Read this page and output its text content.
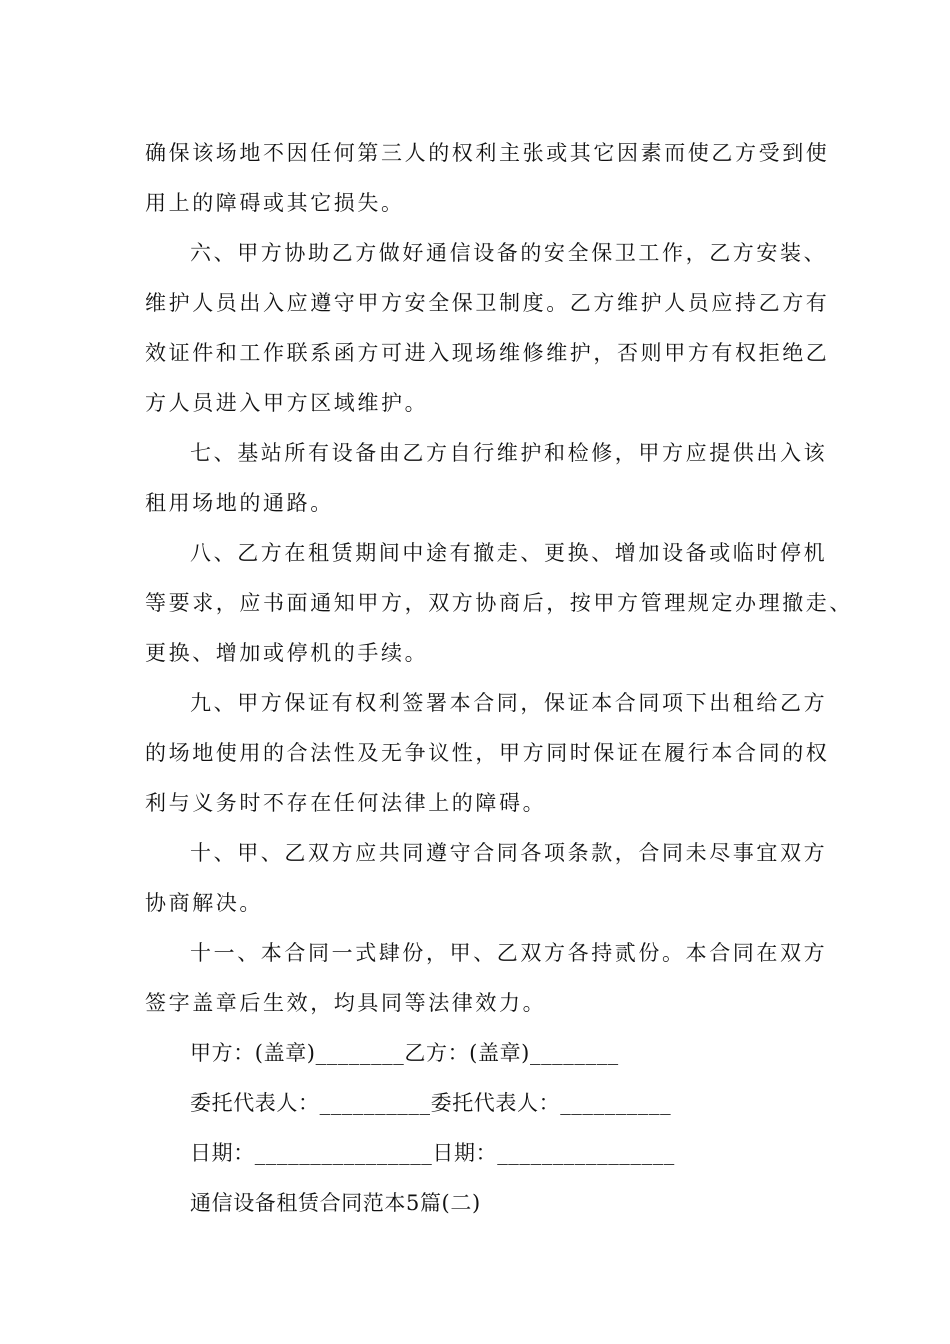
确保该场地不因任何第三人的权利主张或其它因素而使乙方受到使
用上的障碍或其它损失。
六、甲方协助乙方做好通信设备的安全保卫工作，乙方安装、
维护人员出入应遵守甲方安全保卫制度。乙方维护人员应持乙方有
效证件和工作联系函方可进入现场维修维护，否则甲方有权拒绝乙
方人员进入甲方区域维护。
七、基站所有设备由乙方自行维护和检修，甲方应提供出入该
租用场地的通路。
八、乙方在租赁期间中途有撤走、更换、增加设备或临时停机
等要求，应书面通知甲方，双方协商后，按甲方管理规定办理撤走、
更换、增加或停机的手续。
九、甲方保证有权利签署本合同，保证本合同项下出租给乙方
的场地使用的合法性及无争议性，甲方同时保证在履行本合同的权
利与义务时不存在任何法律上的障碍。
十、甲、乙双方应共同遵守合同各项条款，合同未尽事宜双方
协商解决。
十一、本合同一式肆份，甲、乙双方各持贰份。本合同在双方
签字盖章后生效，均具同等法律效力。
甲方：(盖章)________乙方：(盖章)________
委托代表人：__________委托代表人：__________
日期：________________日期：________________
通信设备租赁合同范本5篇(二)
